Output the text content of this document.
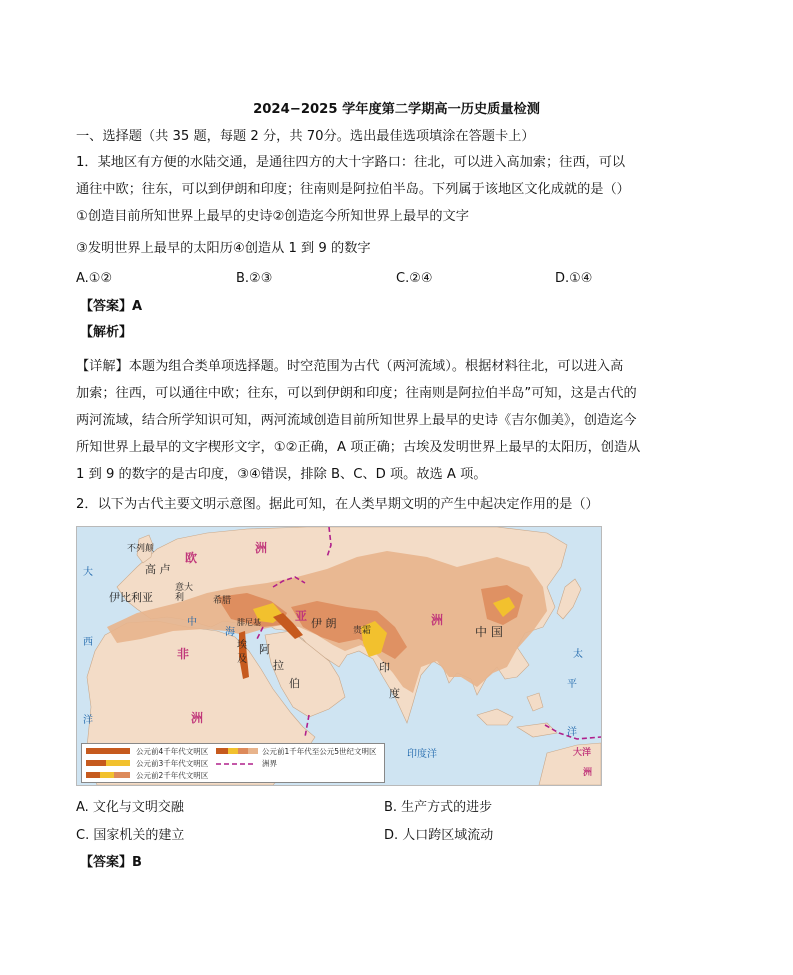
2024−2025 学年度第二学期高一历史质量检测
一、选择题（共 35 题，每题 2 分，共 70分。选出最佳选项填涂在答题卡上）
1．某地区有方便的水陆交通，是通往四方的大十字路口：往北，可以进入高加索；往西，可以
通往中欧；往东，可以到伊朗和印度；往南则是阿拉伯半岛。下列属于该地区文化成就的是（）
①创造目前所知世界上最早的史诗②创造迄今所知世界上最早的文字
③发明世界上最早的太阳历④创造从 1 到 9 的数字
A.①②	B.②③	C.②④	D.①④
【答案】A
【解析】
【详解】本题为组合类单项选择题。时空范围为古代（两河流域）。根据材料往北，可以进入高
加索；往西，可以通往中欧；往东，可以到伊朗和印度；往南则是阿拉伯半岛”可知，这是古代的
两河流域，结合所学知识可知，两河流域创造目前所知世界上最早的史诗《吉尔伽美》，创造迄今
所知世界上最早的文字楔形文字，①②正确，A 项正确；古埃及发明世界上最早的太阳历，创造从
1 到 9 的数字的是古印度，③④错误，排除 B、C、D 项。故选 A 项。
2．以下为古代主要文明示意图。据此可知，在人类早期文明的产生中起决定作用的是（）
不列颠
欧
洲
高 卢
伊比利亚
意大利	希腊
中
海
腓尼基
埃及
非
洲
阿
拉
伯
亚	洲
伊 朗
贵霜
印
度
中 国
大
西
洋
太
平
洋
印度洋	大洋
洲
公元前4千年代文明区
公元前3千年代文明区
公元前2千年代文明区
公元前1千年代至公元5世纪文明区
洲界
A. 文化与文明交融	B. 生产方式的进步
C. 国家机关的建立	D. 人口跨区域流动
【答案】B
